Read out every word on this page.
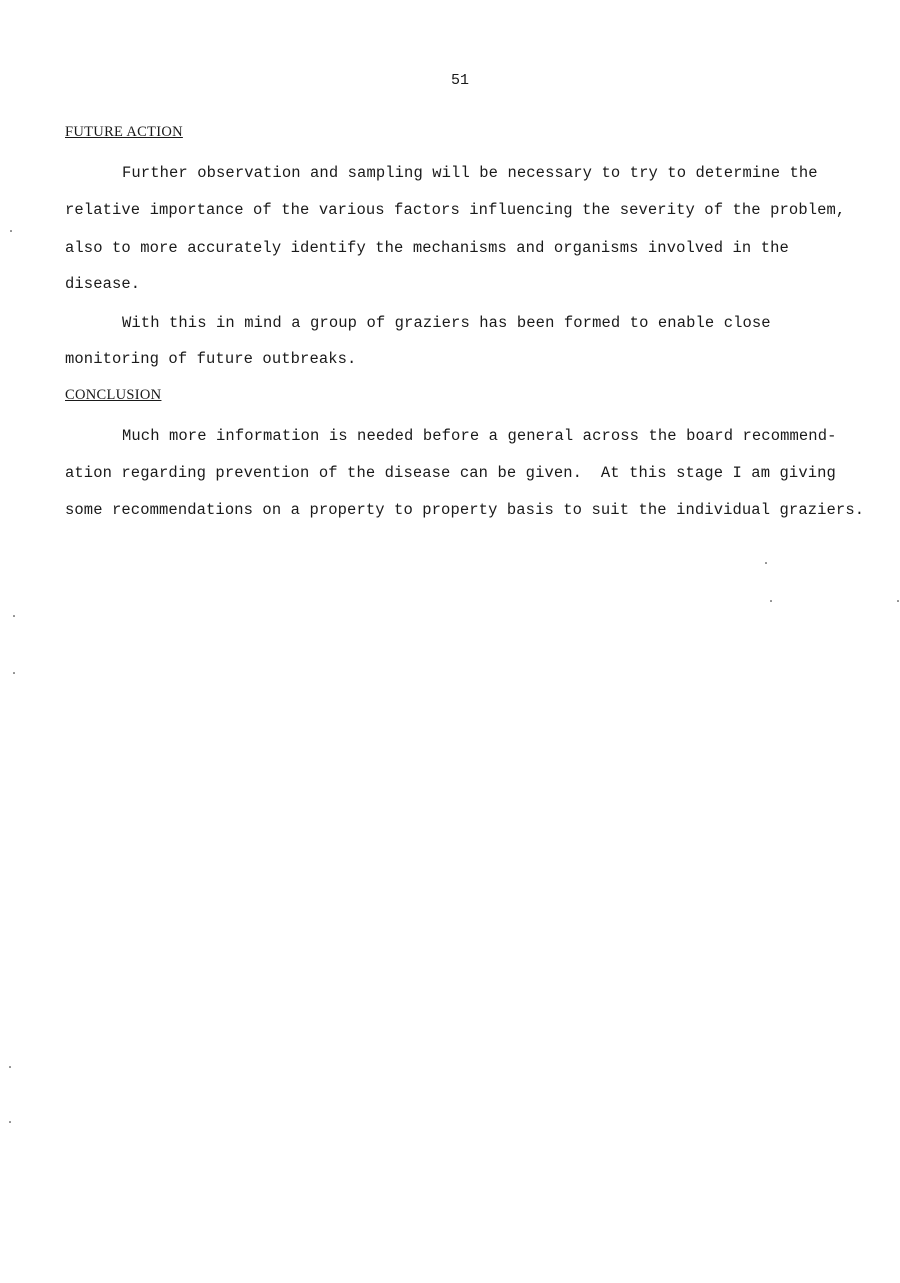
51
FUTURE ACTION
Further observation and sampling will be necessary to try to determine the
relative importance of the various factors influencing the severity of the problem,
also to more accurately identify the mechanisms and organisms involved in the
disease.
With this in mind a group of graziers has been formed to enable close
monitoring of future outbreaks.
CONCLUSION
Much more information is needed before a general across the board recommend-
ation regarding prevention of the disease can be given.  At this stage I am giving
some recommendations on a property to property basis to suit the individual graziers.
